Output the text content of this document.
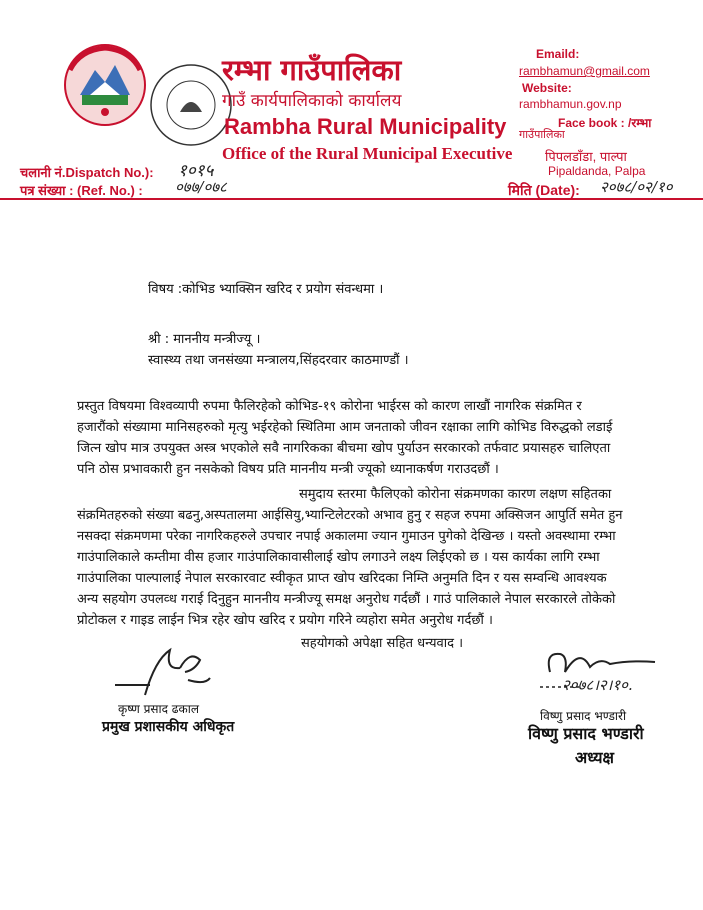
रम्भा गाउँपालिका
गाउँ कार्यपालिकाको कार्यालय
Rambha Rural Municipality
Office of the Rural Municipal Executive
Emaild:
rambhamun@gmail.com
Website:
rambhamun.gov.np
Face book : /रम्भा
गाउँपालिका
पिपलडाँडा, पाल्पा
Pipaldanda, Palpa
चलानी नं.Dispatch No.): १०१५
पत्र संख्या : (Ref. No.) : ०७७/०७८	मिति (Date): २०७८/०२/१०
विषय :कोभिड भ्याक्सिन खरिद र प्रयोग संवन्धमा ।
श्री : माननीय मन्त्रीज्यू ।
स्वास्थ्य तथा जनसंख्या मन्त्रालय,सिंहदरवार काठमाण्डौं ।
प्रस्तुत विषयमा विश्वव्यापी रुपमा फैलिरहेको कोभिड-१९ कोरोना भाईरस को कारण लाखौं नागरिक संक्रमित र
हजारौंको संख्यामा मानिसहरुको मृत्यु भईरहेको स्थितिमा आम जनताको जीवन रक्षाका लागि कोभिड विरुद्धको लडाई
जित्न खोप मात्र उपयुक्त अस्त्र भएकोले सवै नागरिकका बीचमा खोप पुर्याउन सरकारको तर्फवाट प्रयासहरु चालिएता
पनि ठोस प्रभावकारी हुन नसकेको विषय प्रति माननीय मन्त्री ज्यूको ध्यानाकर्षण गराउदछौं ।
समुदाय स्तरमा फैलिएको कोरोना संक्रमणका कारण लक्षण सहितका
संक्रमितहरुको संख्या बढनु,अस्पतालमा आईसियु,भ्यान्टिलेटरको अभाव हुनु र सहज रुपमा अक्सिजन आपुर्ति समेत हुन
नसक्दा संक्रमणमा परेका नागरिकहरुले उपचार नपाई अकालमा ज्यान गुमाउन पुगेको देखिन्छ । यस्तो अवस्थामा रम्भा
गाउंपालिकाले कम्तीमा वीस हजार गाउंपालिकावासीलाई खोप लगाउने लक्ष्य लिईएको छ । यस कार्यका लागि रम्भा
गाउंपालिका पाल्पालाई नेपाल सरकारवाट स्वीकृत प्राप्त खोप खरिदका निम्ति अनुमति दिन र यस सम्वन्धि आवश्यक
अन्य सहयोग उपलव्ध गराई दिनुहुन माननीय मन्त्रीज्यू समक्ष अनुरोध गर्दछौं । गाउं पालिकाले नेपाल सरकारले तोकेको
प्रोटोकल र गाइड लाईन भित्र रहेर खोप खरिद र प्रयोग गरिने व्यहोरा समेत अनुरोध गर्दछौं ।
सहयोगको अपेक्षा सहित धन्यवाद ।
कृष्ण प्रसाद ढकाल
प्रमुख प्रशासकीय अधिकृत
२०७८।२।१०.
विष्णु प्रसाद भण्डारी
विष्णु प्रसाद भण्डारी
अध्यक्ष
